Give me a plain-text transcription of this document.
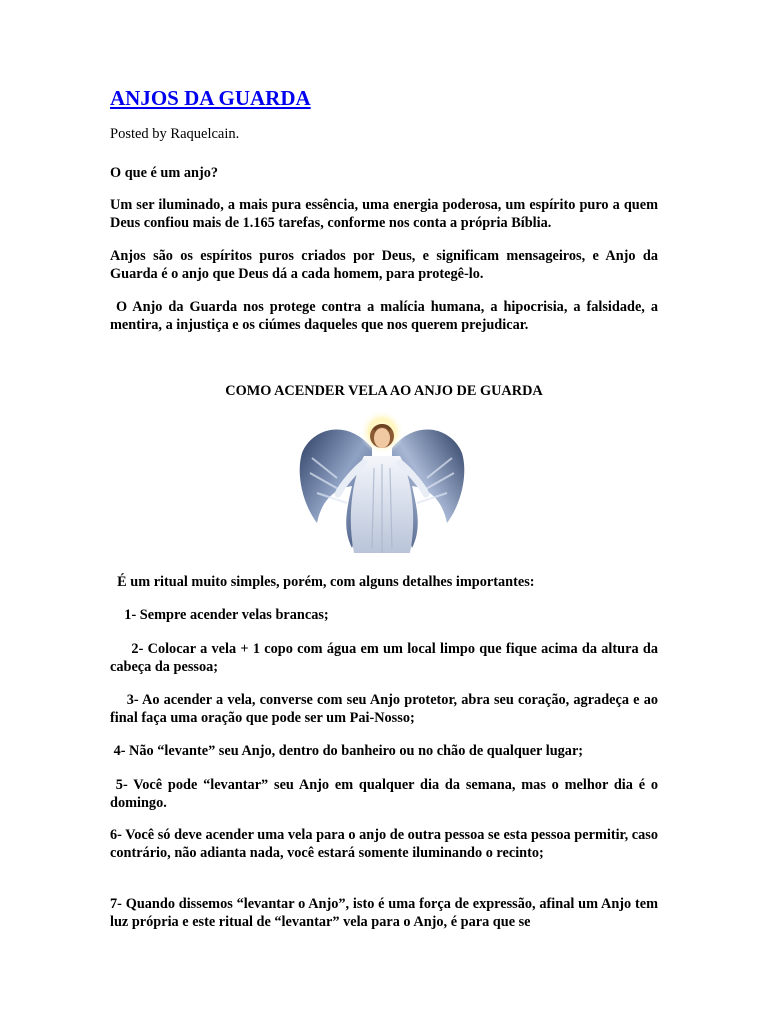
ANJOS DA GUARDA
Posted by Raquelcain.

O que é um anjo?

Um ser iluminado, a mais pura essência, uma energia poderosa, um espírito puro a quem Deus confiou mais de 1.165 tarefas, conforme nos conta a própria Bíblia.

Anjos são os espíritos puros criados por Deus, e significam mensageiros, e Anjo da Guarda é o anjo que Deus dá a cada homem, para protegê-lo.

O Anjo da Guarda nos protege contra a malícia humana, a hipocrisia, a falsidade, a mentira, a injustiça e os ciúmes daqueles que nos querem prejudicar.

COMO ACENDER VELA AO ANJO DE GUARDA

É um ritual muito simples, porém, com alguns detalhes importantes:

1- Sempre acender velas brancas;

2- Colocar a vela + 1 copo com água em um local limpo que fique acima da altura da cabeça da pessoa;

3- Ao acender a vela, converse com seu Anjo protetor, abra seu coração, agradeça e ao final faça uma oração que pode ser um Pai-Nosso;

4- Não “levante” seu Anjo, dentro do banheiro ou no chão de qualquer lugar;

5- Você pode “levantar” seu Anjo em qualquer dia da semana, mas o melhor dia é o domingo.

6- Você só deve acender uma vela para o anjo de outra pessoa se esta pessoa permitir, caso contrário, não adianta nada, você estará somente iluminando o recinto;

7- Quando dissemos “levantar o Anjo”, isto é uma força de expressão, afinal um Anjo tem luz própria e este ritual de “levantar” vela para o Anjo, é para que se
